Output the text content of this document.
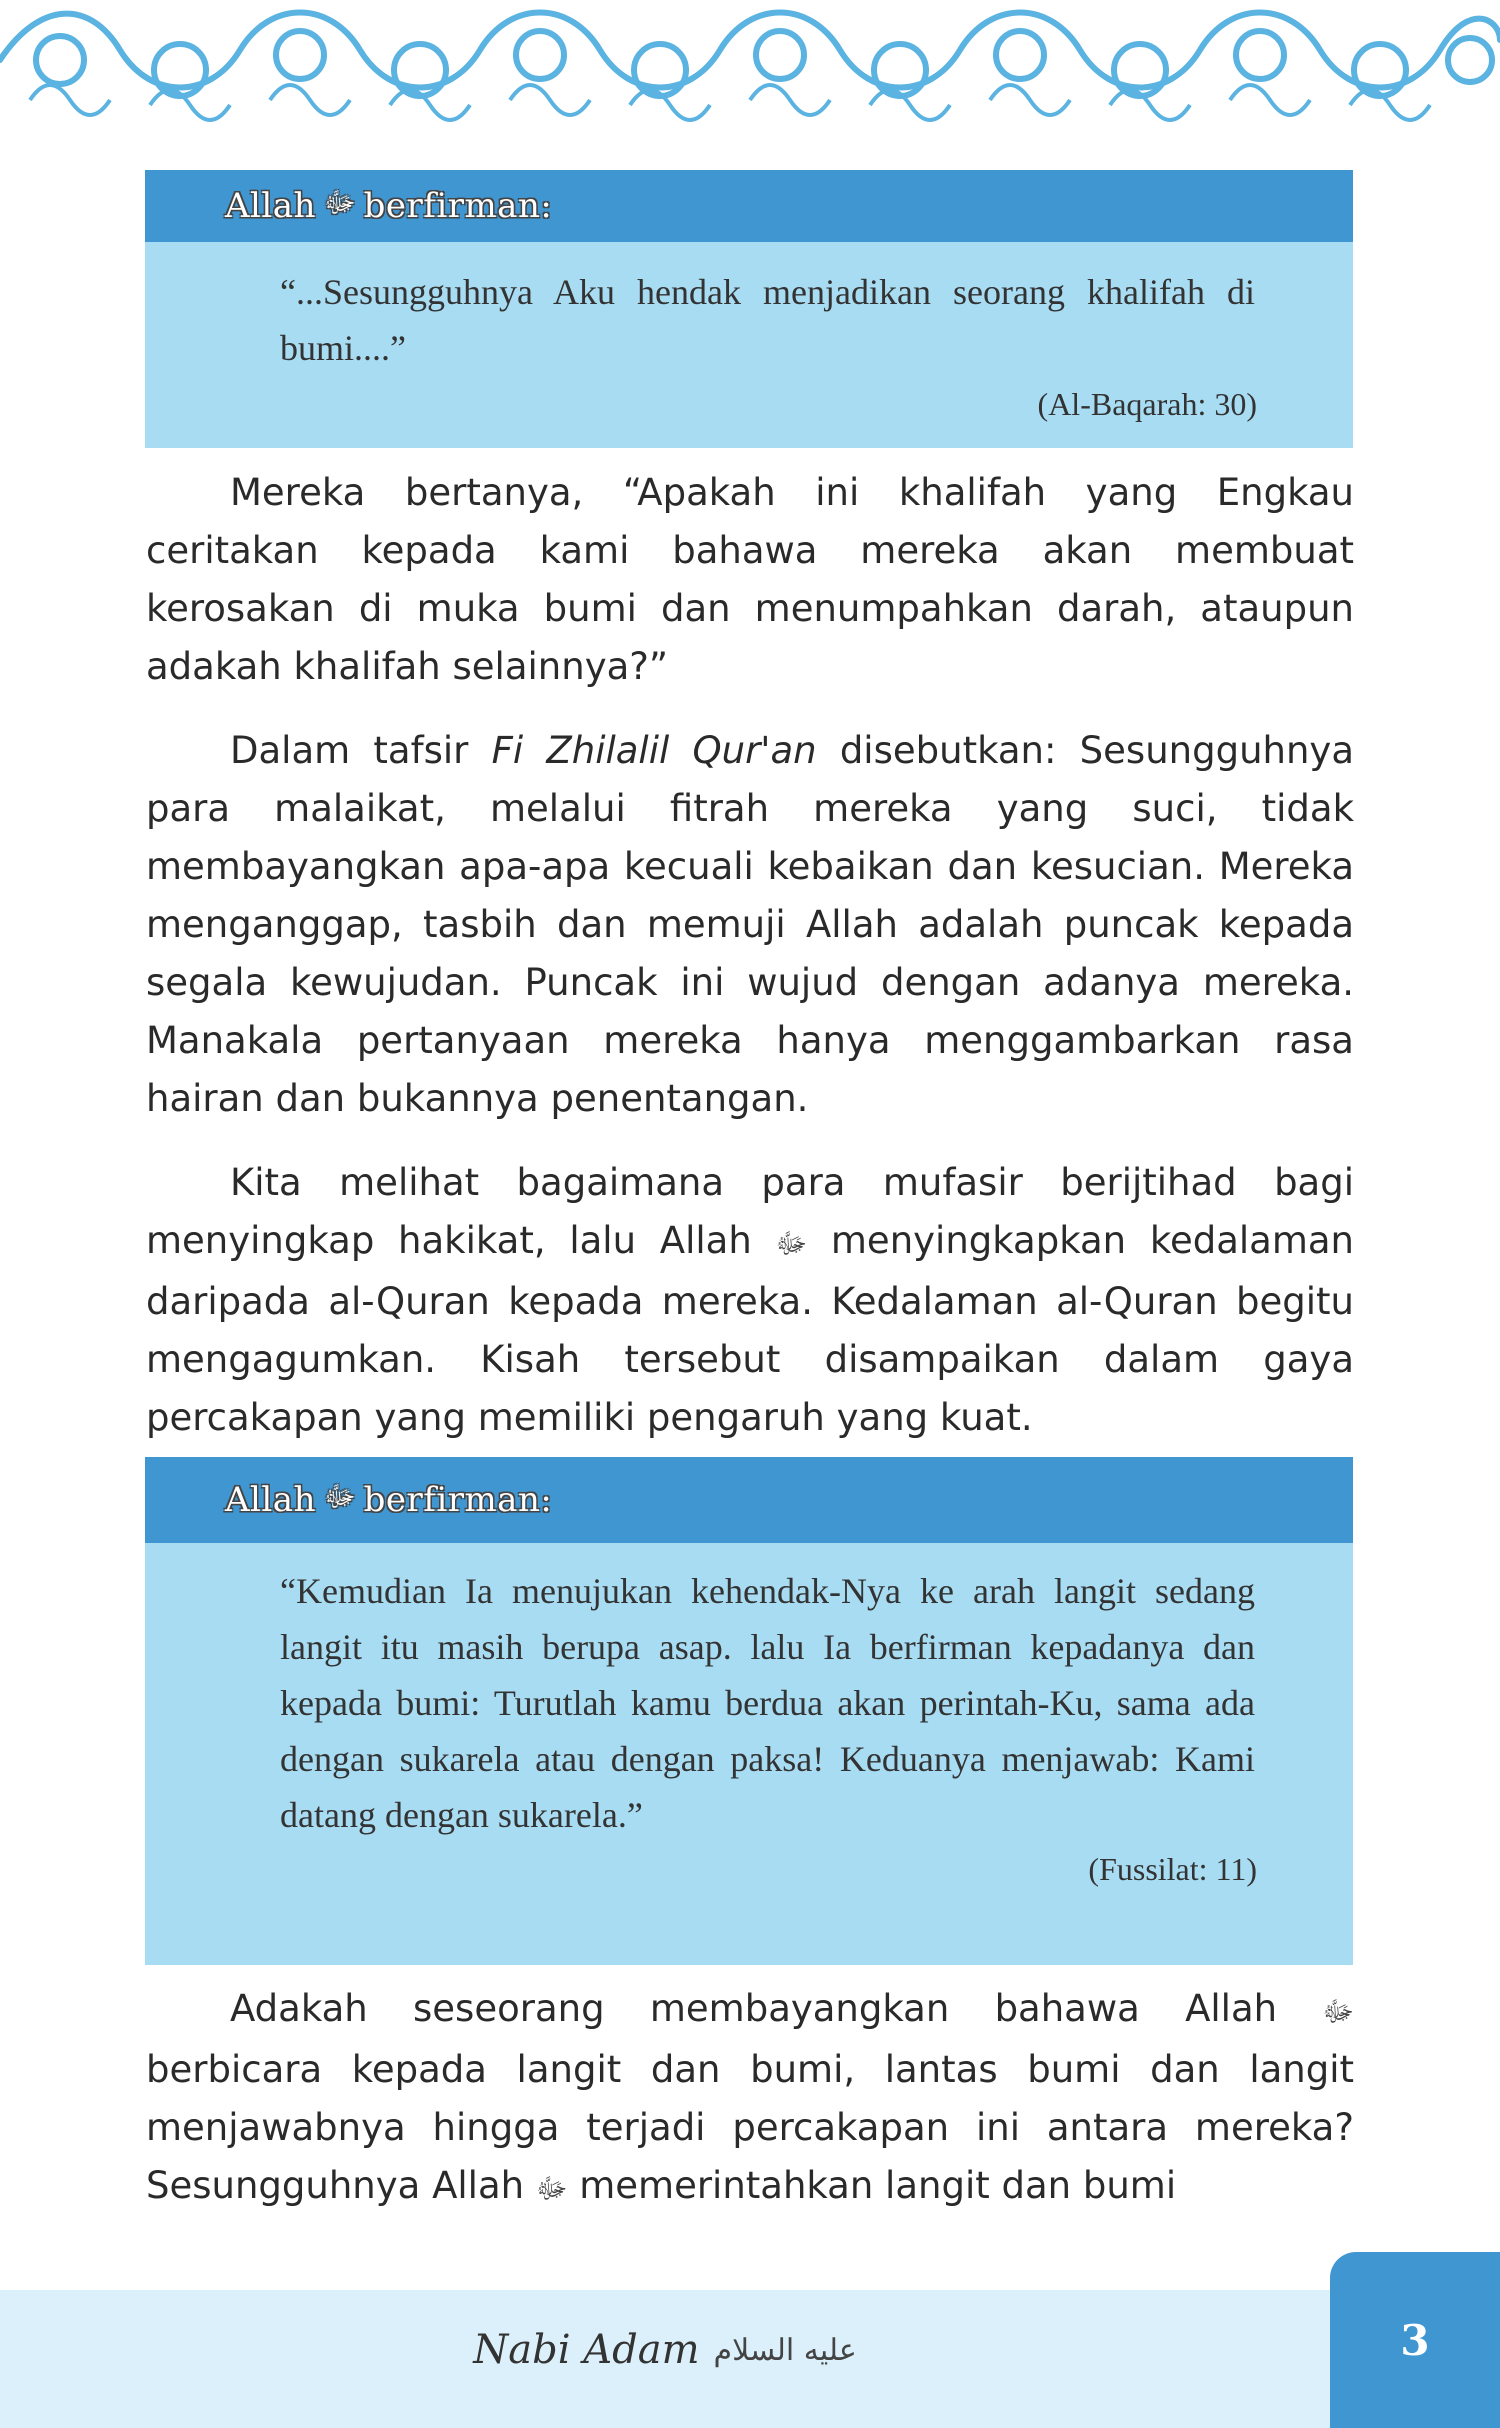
Allah ﷻ berfirman:
“...Sesungguhnya Aku hendak menjadikan seorang khalifah di bumi....”
(Al-Baqarah: 30)

Mereka bertanya, “Apakah ini khalifah yang Engkau ceritakan kepada kami bahawa mereka akan membuat kerosakan di muka bumi dan menumpahkan darah, ataupun adakah khalifah selainnya?”

Dalam tafsir Fi Zhilalil Qur'an disebutkan: Sesungguhnya para malaikat, melalui fitrah mereka yang suci, tidak membayangkan apa-apa kecuali kebaikan dan kesucian. Mereka menganggap, tasbih dan memuji Allah adalah puncak kepada segala kewujudan. Puncak ini wujud dengan adanya mereka. Manakala pertanyaan mereka hanya menggambarkan rasa hairan dan bukannya penentangan.

Kita melihat bagaimana para mufasir berijtihad bagi menyingkap hakikat, lalu Allah ﷻ menyingkapkan kedalaman daripada al-Quran kepada mereka. Kedalaman al-Quran begitu mengagumkan. Kisah tersebut disampaikan dalam gaya percakapan yang memiliki pengaruh yang kuat.

Allah ﷻ berfirman:
“Kemudian Ia menujukan kehendak-Nya ke arah langit sedang langit itu masih berupa asap. lalu Ia berfirman kepadanya dan kepada bumi: Turutlah kamu berdua akan perintah-Ku, sama ada dengan sukarela atau dengan paksa! Keduanya menjawab: Kami datang dengan sukarela.”
(Fussilat: 11)

Adakah seseorang membayangkan bahawa Allah ﷻ berbicara kepada langit dan bumi, lantas bumi dan langit menjawabnya hingga terjadi percakapan ini antara mereka? Sesungguhnya Allah ﷻ memerintahkan langit dan bumi

Nabi Adam عليه السلام	3
